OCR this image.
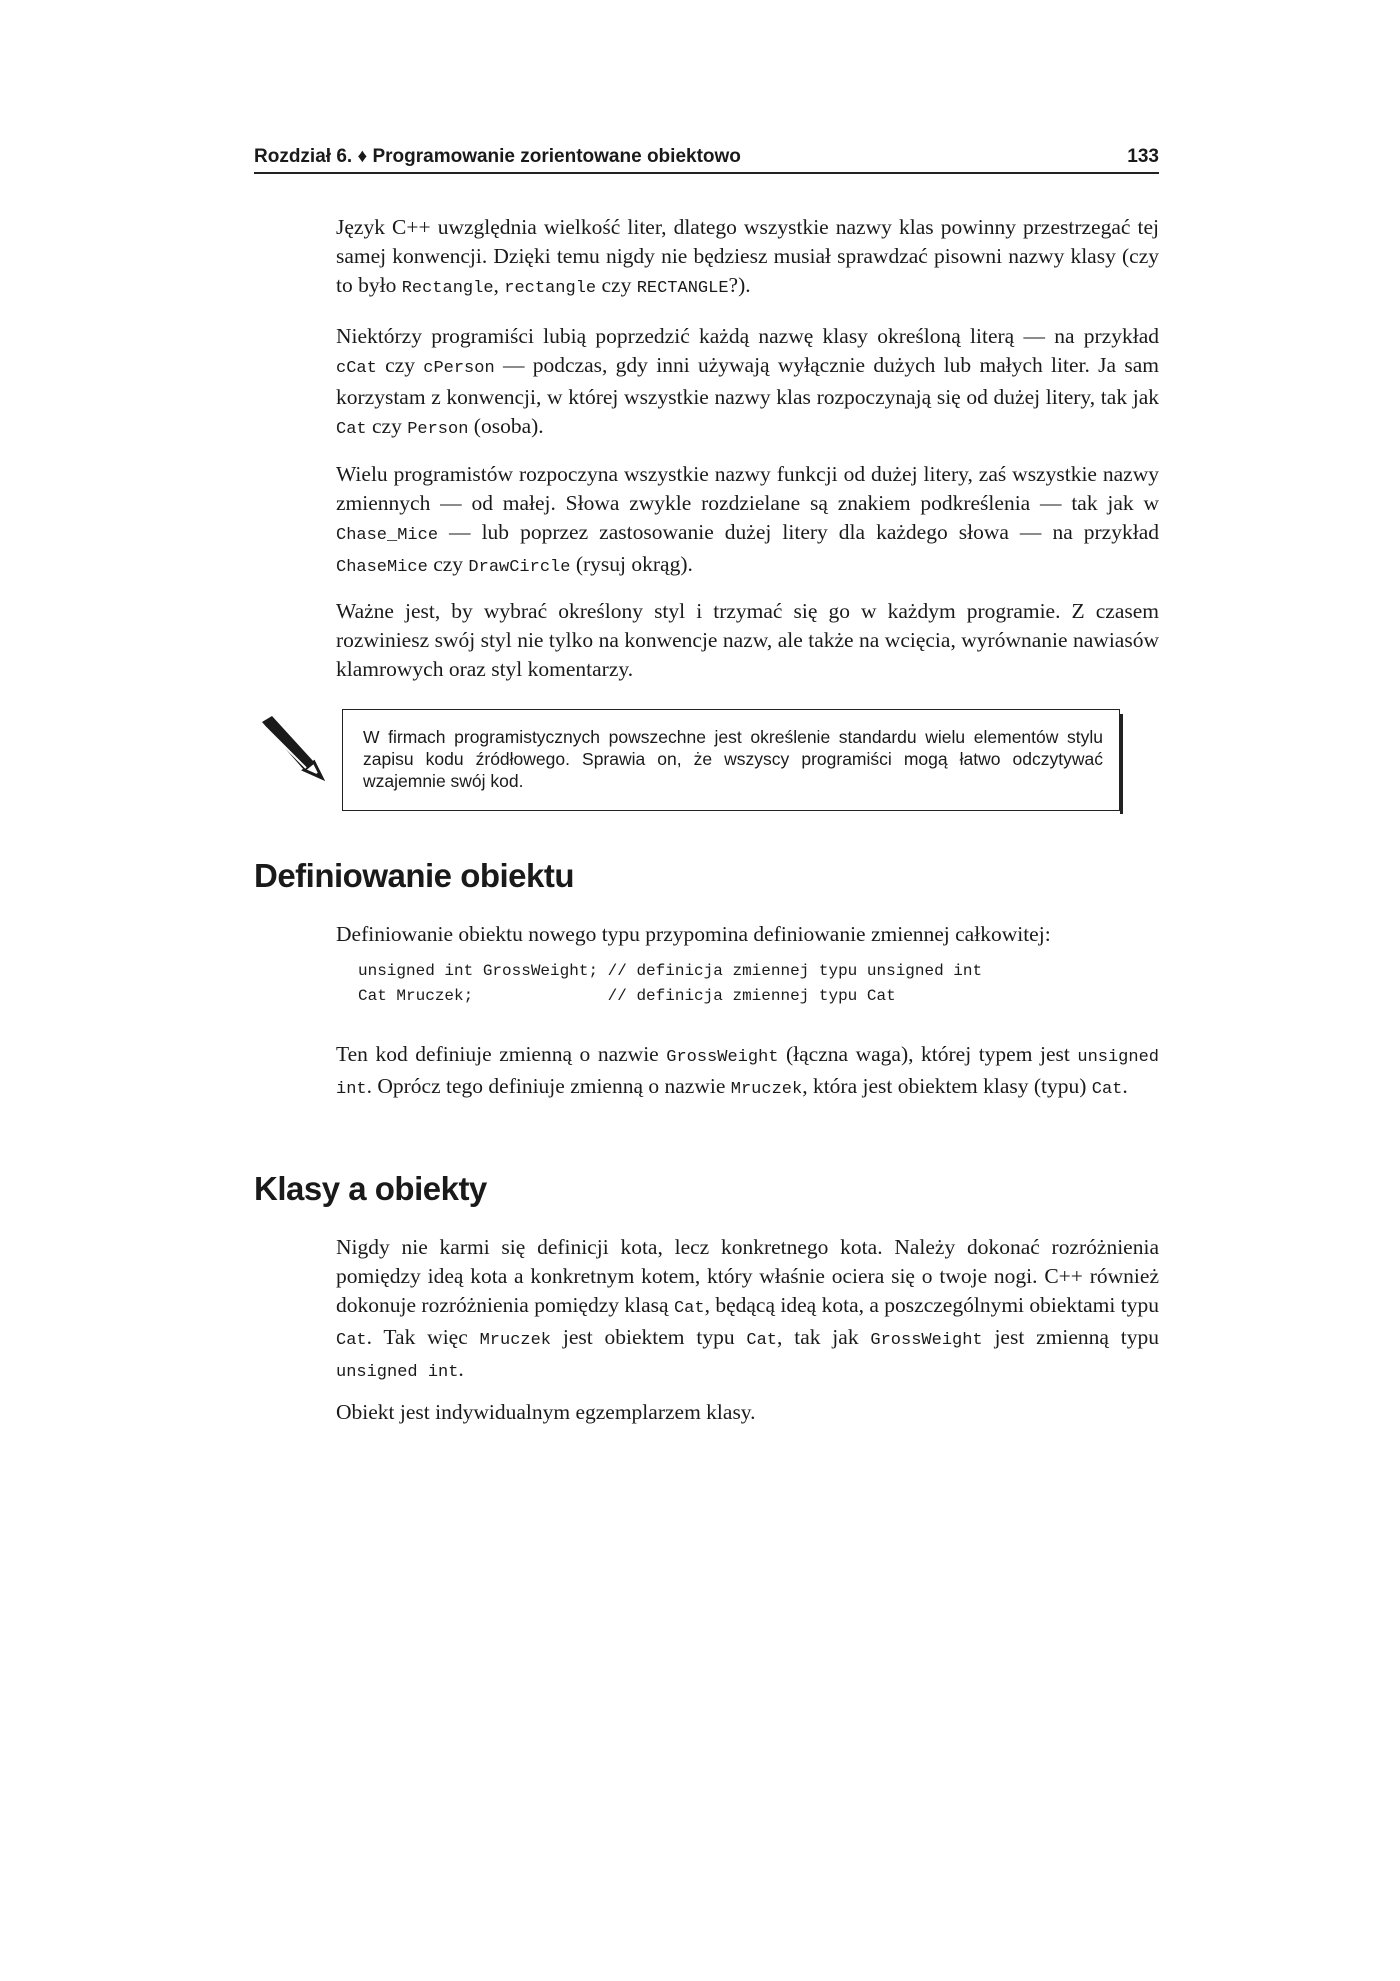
Rozdział 6. ♦ Programowanie zorientowane obiektowo	133

Język C++ uwzględnia wielkość liter, dlatego wszystkie nazwy klas powinny przestrzegać tej samej konwencji. Dzięki temu nigdy nie będziesz musiał sprawdzać pisowni nazwy klasy (czy to było Rectangle, rectangle czy RECTANGLE?).

Niektórzy programiści lubią poprzedzić każdą nazwę klasy określoną literą — na przykład cCat czy cPerson — podczas, gdy inni używają wyłącznie dużych lub małych liter. Ja sam korzystam z konwencji, w której wszystkie nazwy klas rozpoczynają się od dużej litery, tak jak Cat czy Person (osoba).

Wielu programistów rozpoczyna wszystkie nazwy funkcji od dużej litery, zaś wszystkie nazwy zmiennych — od małej. Słowa zwykle rozdzielane są znakiem podkreślenia — tak jak w Chase_Mice — lub poprzez zastosowanie dużej litery dla każdego słowa — na przykład ChaseMice czy DrawCircle (rysuj okrąg).

Ważne jest, by wybrać określony styl i trzymać się go w każdym programie. Z czasem rozwiniesz swój styl nie tylko na konwencje nazw, ale także na wcięcia, wyrównanie nawiasów klamrowych oraz styl komentarzy.

W firmach programistycznych powszechne jest określenie standardu wielu elementów stylu zapisu kodu źródłowego. Sprawia on, że wszyscy programiści mogą łatwo odczytywać wzajemnie swój kod.
Definiowanie obiektu

Definiowanie obiektu nowego typu przypomina definiowanie zmiennej całkowitej:

unsigned int GrossWeight; // definicja zmiennej typu unsigned int
Cat Mruczek;              // definicja zmiennej typu Cat

Ten kod definiuje zmienną o nazwie GrossWeight (łączna waga), której typem jest unsigned int. Oprócz tego definiuje zmienną o nazwie Mruczek, która jest obiektem klasy (typu) Cat.

Klasy a obiekty

Nigdy nie karmi się definicji kota, lecz konkretnego kota. Należy dokonać rozróżnienia pomiędzy ideą kota a konkretnym kotem, który właśnie ociera się o twoje nogi. C++ również dokonuje rozróżnienia pomiędzy klasą Cat, będącą ideą kota, a poszczególnymi obiektami typu Cat. Tak więc Mruczek jest obiektem typu Cat, tak jak GrossWeight jest zmienną typu unsigned int.

Obiekt jest indywidualnym egzemplarzem klasy.
